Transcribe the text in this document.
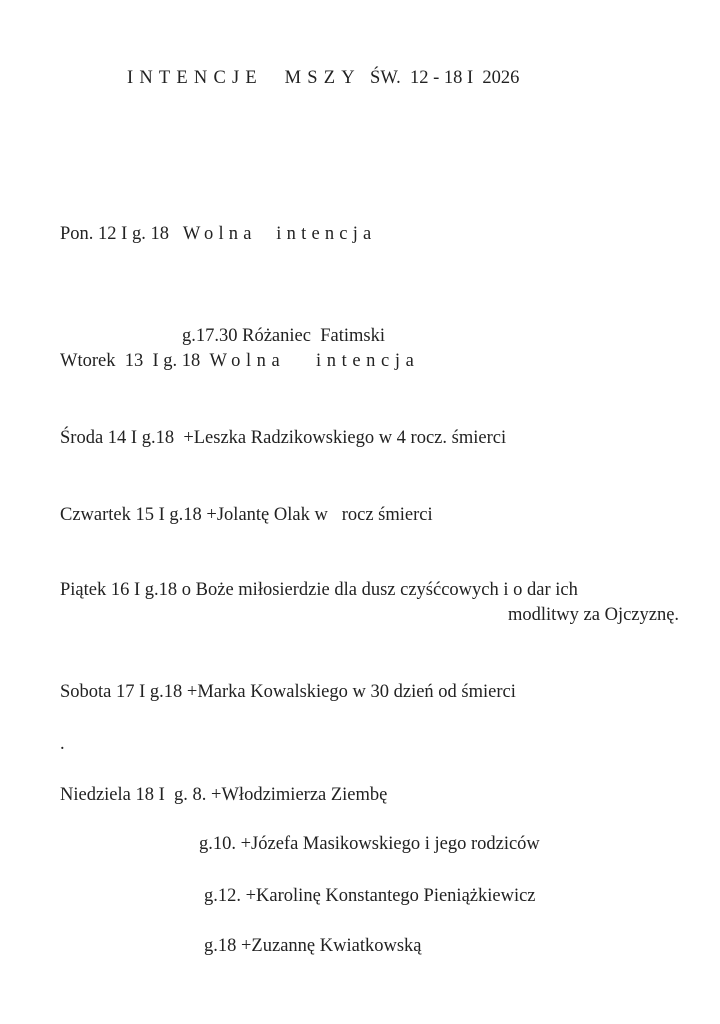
INTENCJE  MSZY ŚW.  12 - 18 I  2026
Pon. 12 I g. 18   Wolna  intencja
g.17.30 Różaniec  Fatimski
Wtorek  13  I g. 18  Wolna   intencja
Środa 14 I g.18  +Leszka Radzikowskiego w 4 rocz. śmierci
Czwartek 15 I g.18 +Jolantę Olak w   rocz śmierci
Piątek 16 I g.18 o Boże miłosierdzie dla dusz czyśćcowych i o dar ich
modlitwy za Ojczyznę.
Sobota 17 I g.18 +Marka Kowalskiego w 30 dzień od śmierci
.
Niedziela 18 I  g. 8. +Włodzimierza Ziembę
g.10. +Józefa Masikowskiego i jego rodziców
g.12. +Karolinę Konstantego Pieniążkiewicz
g.18 +Zuzannę Kwiatkowską
